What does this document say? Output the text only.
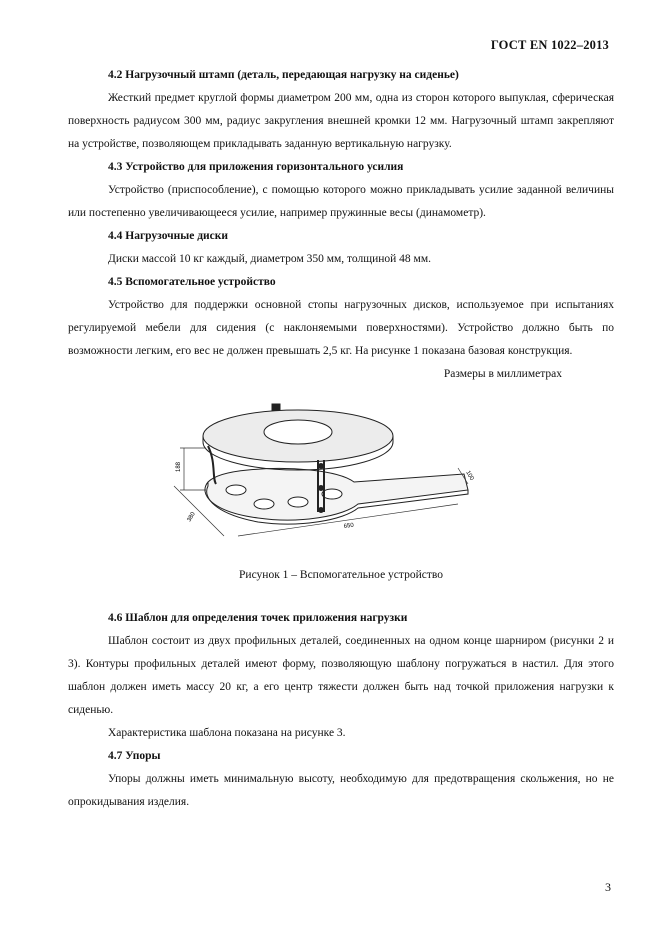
ГОСТ EN 1022–2013

4.2 Нагрузочный штамп (деталь, передающая нагрузку на сиденье)

Жесткий предмет круглой формы диаметром 200 мм, одна из сторон которого выпуклая, сферическая поверхность радиусом 300 мм, радиус закругления внешней кромки 12 мм. Нагрузочный штамп закрепляют на устройстве, позволяющем прикладывать заданную вертикальную нагрузку.

4.3 Устройство для приложения горизонтального усилия

Устройство (приспособление), с помощью которого можно прикладывать усилие заданной величины или постепенно увеличивающееся усилие, например пружинные весы (динамометр).

4.4 Нагрузочные диски

Диски массой 10 кг каждый, диаметром 350 мм, толщиной 48 мм.

4.5 Вспомогательное устройство

Устройство для поддержки основной стопы нагрузочных дисков, используемое при испытаниях регулируемой мебели для сидения (с наклоняемыми поверхностями). Устройство должно быть по возможности легким, его вес не должен превышать 2,5 кг. На рисунке 1 показана базовая конструкция.

Размеры в миллиметрах

188
380
650
100

Рисунок 1 – Вспомогательное устройство

4.6 Шаблон для определения точек приложения нагрузки

Шаблон состоит из двух профильных деталей, соединенных на одном конце шарниром (рисунки 2 и 3). Контуры профильных деталей имеют форму, позволяющую шаблону погружаться в настил. Для этого шаблон должен иметь массу 20 кг, а его центр тяжести должен быть над точкой приложения нагрузки к сиденью.

Характеристика шаблона показана на рисунке 3.

4.7 Упоры

Упоры должны иметь минимальную высоту, необходимую для предотвращения скольжения, но не опрокидывания изделия.

3
